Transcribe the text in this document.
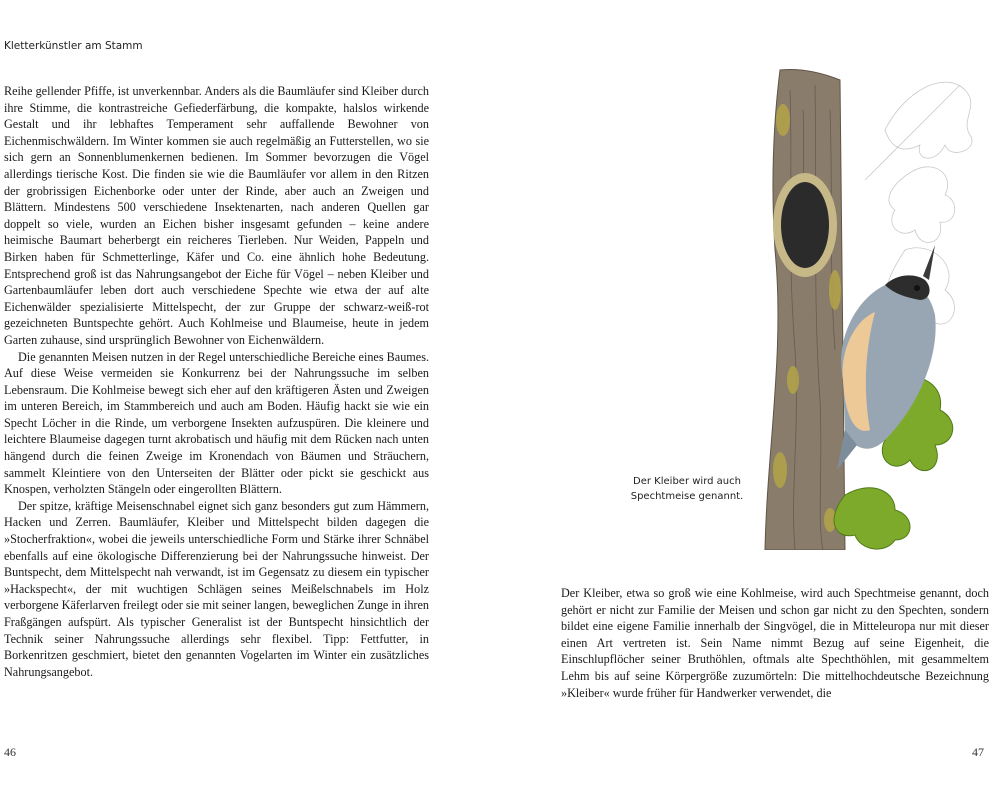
Kletterkünstler am Stamm

Reihe gellender Pfiffe, ist unverkennbar. Anders als die Baumläufer sind Kleiber durch ihre Stimme, die kontrastreiche Gefiederfärbung, die kompakte, halslos wirkende Gestalt und ihr lebhaftes Temperament sehr auffallende Bewohner von Eichenmischwäldern. Im Winter kommen sie auch regelmäßig an Futterstellen, wo sie sich gern an Sonnenblumenkernen bedienen. Im Sommer bevorzugen die Vögel allerdings tierische Kost. Die finden sie wie die Baumläufer vor allem in den Ritzen der grobrissigen Eichenborke oder unter der Rinde, aber auch an Zweigen und Blättern. Mindestens 500 verschiedene Insektenarten, nach anderen Quellen gar doppelt so viele, wurden an Eichen bisher insgesamt gefunden – keine andere heimische Baumart beherbergt ein reicheres Tierleben. Nur Weiden, Pappeln und Birken haben für Schmetterlinge, Käfer und Co. eine ähnlich hohe Bedeutung. Entsprechend groß ist das Nahrungsangebot der Eiche für Vögel – neben Kleiber und Gartenbaumläufer leben dort auch verschiedene Spechte wie etwa der auf alte Eichenwälder spezialisierte Mittelspecht, der zur Gruppe der schwarz-weiß-rot gezeichneten Buntspechte gehört. Auch Kohlmeise und Blaumeise, heute in jedem Garten zuhause, sind ursprünglich Bewohner von Eichenwäldern.

Die genannten Meisen nutzen in der Regel unterschiedliche Bereiche eines Baumes. Auf diese Weise vermeiden sie Konkurrenz bei der Nahrungssuche im selben Lebensraum. Die Kohlmeise bewegt sich eher auf den kräftigeren Ästen und Zweigen im unteren Bereich, im Stammbereich und auch am Boden. Häufig hackt sie wie ein Specht Löcher in die Rinde, um verborgene Insekten aufzuspüren. Die kleinere und leichtere Blaumeise dagegen turnt akrobatisch und häufig mit dem Rücken nach unten hängend durch die feinen Zweige im Kronendach von Bäumen und Sträuchern, sammelt Kleintiere von den Unterseiten der Blätter oder pickt sie geschickt aus Knospen, verholzten Stängeln oder eingerollten Blättern.

Der spitze, kräftige Meisenschnabel eignet sich ganz besonders gut zum Hämmern, Hacken und Zerren. Baumläufer, Kleiber und Mittelspecht bilden dagegen die »Stocherfraktion«, wobei die jeweils unterschiedliche Form und Stärke ihrer Schnäbel ebenfalls auf eine ökologische Differenzierung bei der Nahrungssuche hinweist. Der Buntspecht, dem Mittelspecht nah verwandt, ist im Gegensatz zu diesem ein typischer »Hackspecht«, der mit wuchtigen Schlägen seines Meißelschnabels im Holz verborgene Käferlarven freilegt oder sie mit seiner langen, beweglichen Zunge in ihren Fraßgängen aufspürt. Als typischer Generalist ist der Buntspecht hinsichtlich der Technik seiner Nahrungssuche allerdings sehr flexibel. Tipp: Fettfutter, in Borkenritzen geschmiert, bietet den genannten Vogelarten im Winter ein zusätzliches Nahrungsangebot.

46
Der Kleiber wird auch Spechtmeise genannt.

Der Kleiber, etwa so groß wie eine Kohlmeise, wird auch Spechtmeise genannt, doch gehört er nicht zur Familie der Meisen und schon gar nicht zu den Spechten, sondern bildet eine eigene Familie innerhalb der Singvögel, die in Mitteleuropa nur mit dieser einen Art vertreten ist. Sein Name nimmt Bezug auf seine Eigenheit, die Einschlupflöcher seiner Bruthöhlen, oftmals alte Spechthöhlen, mit gesammeltem Lehm bis auf seine Körpergröße zuzumörteln: Die mittelhochdeutsche Bezeichnung »Kleiber« wurde früher für Handwerker verwendet, die

47
